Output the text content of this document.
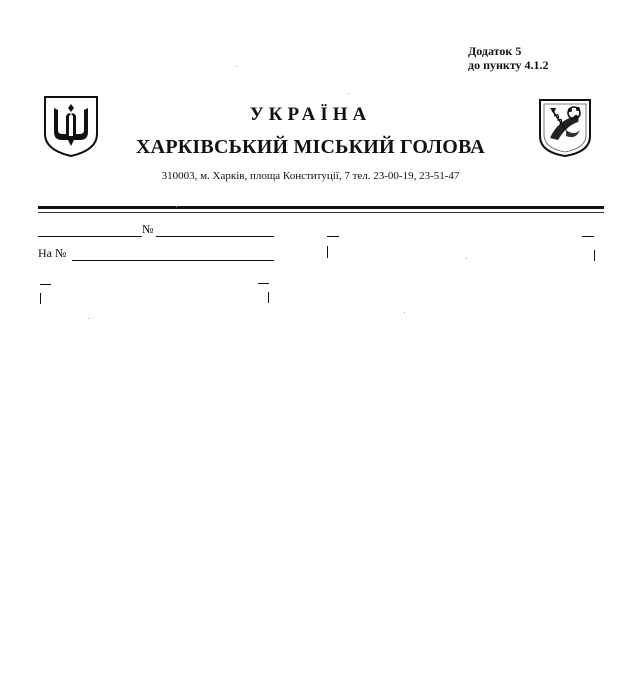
Додаток 5
до пункту 4.1.2
УКРАЇНА
ХАРКІВСЬКИЙ МІСЬКИЙ ГОЛОВА
310003, м. Харків, площа Конституції, 7 тел. 23-00-19, 23-51-47
№
На №
